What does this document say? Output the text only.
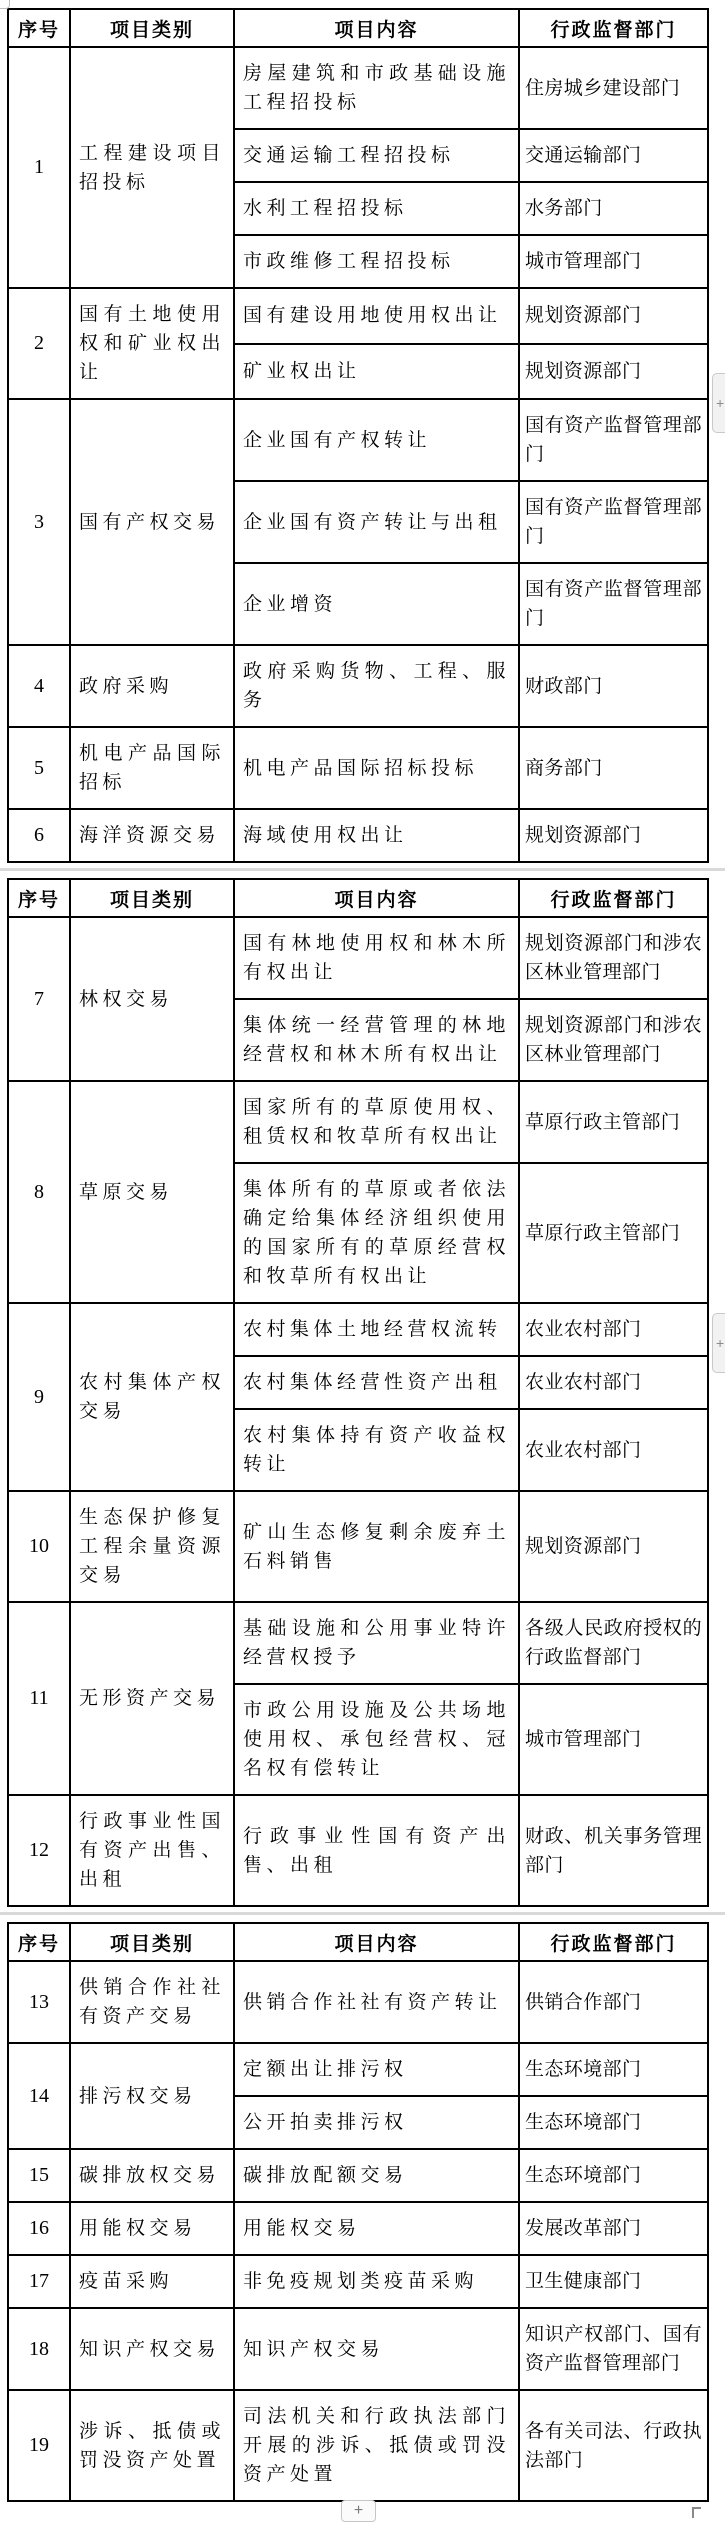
序号	项目类别	项目内容	行政监督部门
1	工程建设项目招投标	房屋建筑和市政基础设施工程招投标	住房城乡建设部门
		交通运输工程招投标	交通运输部门
		水利工程招投标	水务部门
		市政维修工程招投标	城市管理部门
2	国有土地使用权和矿业权出让	国有建设用地使用权出让	规划资源部门
		矿业权出让	规划资源部门
3	国有产权交易	企业国有产权转让	国有资产监督管理部门
		企业国有资产转让与出租	国有资产监督管理部门
		企业增资	国有资产监督管理部门
4	政府采购	政府采购货物、工程、服务	财政部门
5	机电产品国际招标	机电产品国际招标投标	商务部门
6	海洋资源交易	海域使用权出让	规划资源部门
序号	项目类别	项目内容	行政监督部门
7	林权交易	国有林地使用权和林木所有权出让	规划资源部门和涉农区林业管理部门
		集体统一经营管理的林地经营权和林木所有权出让	规划资源部门和涉农区林业管理部门
8	草原交易	国家所有的草原使用权、租赁权和牧草所有权出让	草原行政主管部门
		集体所有的草原或者依法确定给集体经济组织使用的国家所有的草原经营权和牧草所有权出让	草原行政主管部门
9	农村集体产权交易	农村集体土地经营权流转	农业农村部门
		农村集体经营性资产出租	农业农村部门
		农村集体持有资产收益权转让	农业农村部门
10	生态保护修复工程余量资源交易	矿山生态修复剩余废弃土石料销售	规划资源部门
11	无形资产交易	基础设施和公用事业特许经营权授予	各级人民政府授权的行政监督部门
		市政公用设施及公共场地使用权、承包经营权、冠名权有偿转让	城市管理部门
12	行政事业性国有资产出售、出租	行政事业性国有资产出售、出租	财政、机关事务管理部门
序号	项目类别	项目内容	行政监督部门
13	供销合作社社有资产交易	供销合作社社有资产转让	供销合作部门
14	排污权交易	定额出让排污权	生态环境部门
		公开拍卖排污权	生态环境部门
15	碳排放权交易	碳排放配额交易	生态环境部门
16	用能权交易	用能权交易	发展改革部门
17	疫苗采购	非免疫规划类疫苗采购	卫生健康部门
18	知识产权交易	知识产权交易	知识产权部门、国有资产监督管理部门
19	涉诉、抵债或罚没资产处置	司法机关和行政执法部门开展的涉诉、抵债或罚没资产处置	各有关司法、行政执法部门
+
+
+
